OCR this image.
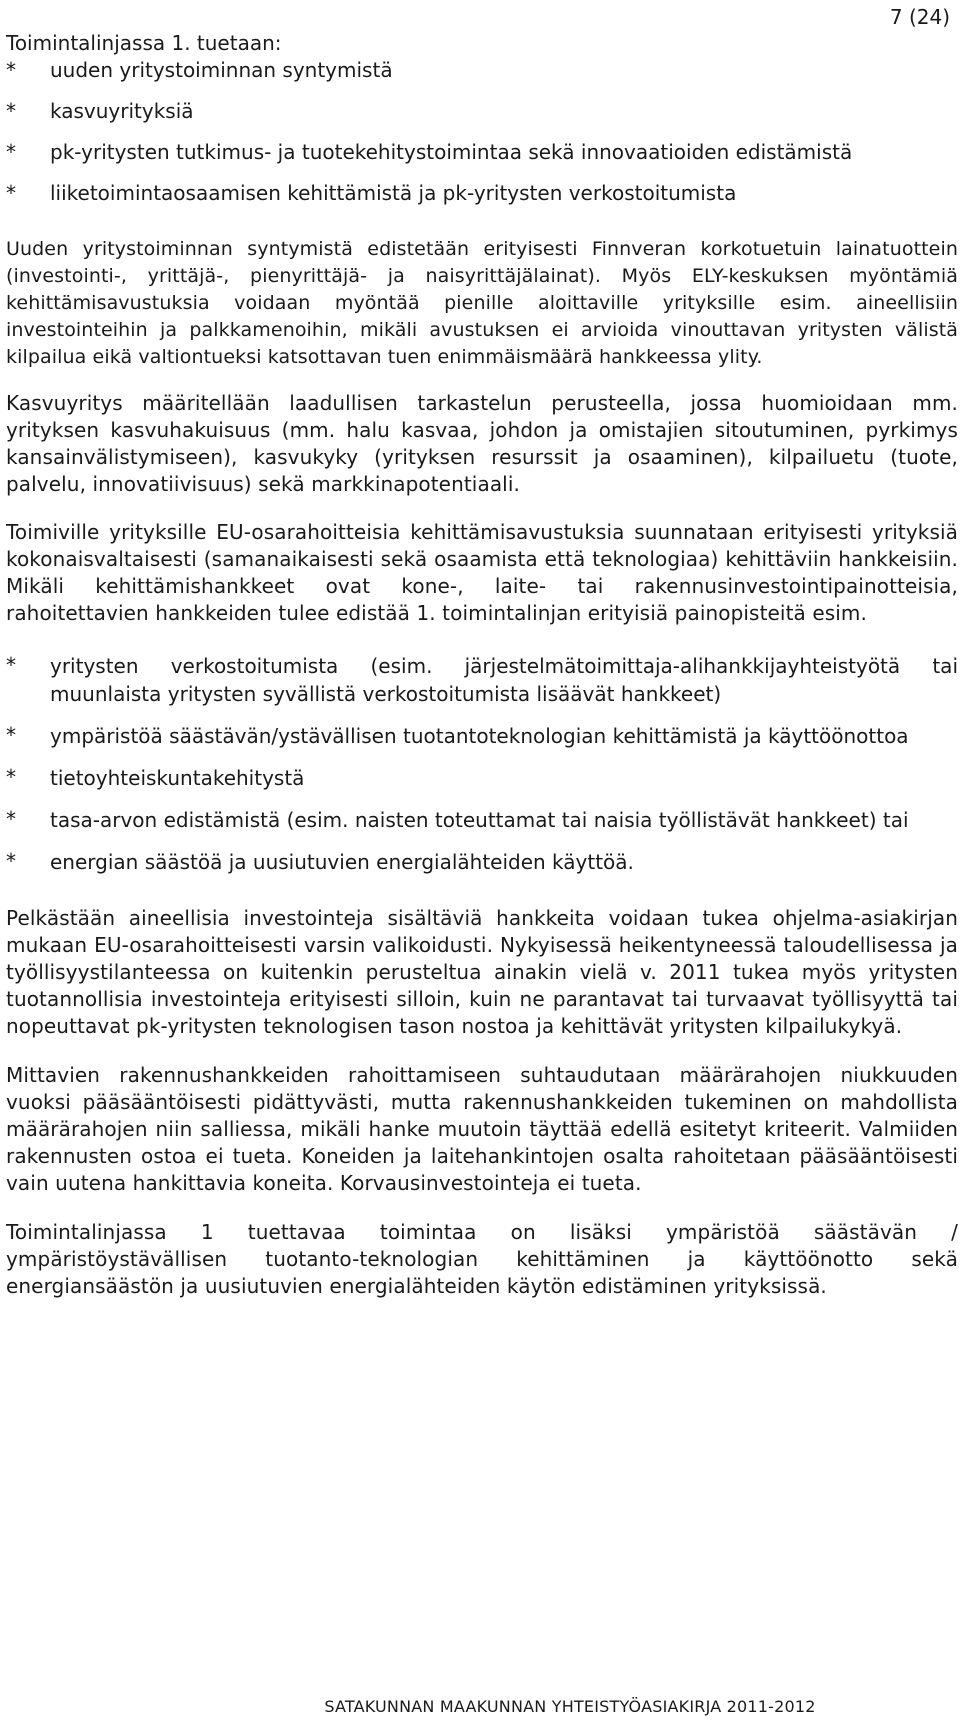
7 (24)

Toimintalinjassa 1. tuetaan:

*	uuden yritystoiminnan syntymistä
*	kasvuyrityksiä
*	pk-yritysten tutkimus- ja tuotekehitystoimintaa sekä innovaatioiden edistämistä
*	liiketoimintaosaamisen kehittämistä ja pk-yritysten verkostoitumista

Uuden yritystoiminnan syntymistä edistetään erityisesti Finnveran korkotuetuin lainatuottein (investointi-, yrittäjä-, pienyrittäjä- ja naisyrittäjälainat). Myös ELY-keskuksen myöntämiä kehittämisavustuksia voidaan myöntää pienille aloittaville yrityksille esim. aineellisiin investointeihin ja palkkamenoihin, mikäli avustuksen ei arvioida vinouttavan yritysten välistä kilpailua eikä valtiontueksi katsottavan tuen enimmäismäärä hankkeessa ylity.

Kasvuyritys määritellään laadullisen tarkastelun perusteella, jossa huomioidaan mm. yrityksen kasvuhakuisuus (mm. halu kasvaa, johdon ja omistajien sitoutuminen, pyrkimys kansainvälistymiseen), kasvukyky (yrityksen resurssit ja osaaminen), kilpailuetu (tuote, palvelu, innovatiivisuus) sekä markkinapotentiaali.

Toimiville yrityksille EU-osarahoitteisia kehittämisavustuksia suunnataan erityisesti yrityksiä kokonaisvaltaisesti (samanaikaisesti sekä osaamista että teknologiaa) kehittäviin hankkeisiin. Mikäli kehittämishankkeet ovat kone-, laite- tai rakennusinvestointipainotteisia, rahoitettavien hankkeiden tulee edistää 1. toimintalinjan erityisiä painopisteitä esim.

*	yritysten verkostoitumista (esim. järjestelmätoimittaja-alihankkijayhteistyötä tai muunlaista yritysten syvällistä verkostoitumista lisäävät hankkeet)
*	ympäristöä säästävän/ystävällisen tuotantoteknologian kehittämistä ja käyttöönottoa
*	tietoyhteiskuntakehitystä
*	tasa-arvon edistämistä (esim. naisten toteuttamat tai naisia työllistävät hankkeet) tai
*	energian säästöä ja uusiutuvien energialähteiden käyttöä.

Pelkästään aineellisia investointeja sisältäviä hankkeita voidaan tukea ohjelma-asiakirjan mukaan EU-osarahoitteisesti varsin valikoidusti. Nykyisessä heikentyneessä taloudellisessa ja työllisyystilanteessa on kuitenkin perusteltua ainakin vielä v. 2011 tukea myös yritysten tuotannollisia investointeja erityisesti silloin, kuin ne parantavat tai turvaavat työllisyyttä tai nopeuttavat pk-yritysten teknologisen tason nostoa ja kehittävät yritysten kilpailukykyä.

Mittavien rakennushankkeiden rahoittamiseen suhtaudutaan määrärahojen niukkuuden vuoksi pääsääntöisesti pidättyvästi, mutta rakennushankkeiden tukeminen on mahdollista määrärahojen niin salliessa, mikäli hanke muutoin täyttää edellä esitetyt kriteerit. Valmiiden rakennusten ostoa ei tueta. Koneiden ja laitehankintojen osalta rahoitetaan pääsääntöisesti vain uutena hankittavia koneita. Korvausinvestointeja ei tueta.

Toimintalinjassa 1 tuettavaa toimintaa on lisäksi ympäristöä säästävän / ympäristöystävällisen tuotanto-teknologian kehittäminen ja käyttöönotto sekä energiansäästön ja uusiutuvien energialähteiden käytön edistäminen yrityksissä.

SATAKUNNAN MAAKUNNAN YHTEISTYÖASIAKIRJA 2011-2012
